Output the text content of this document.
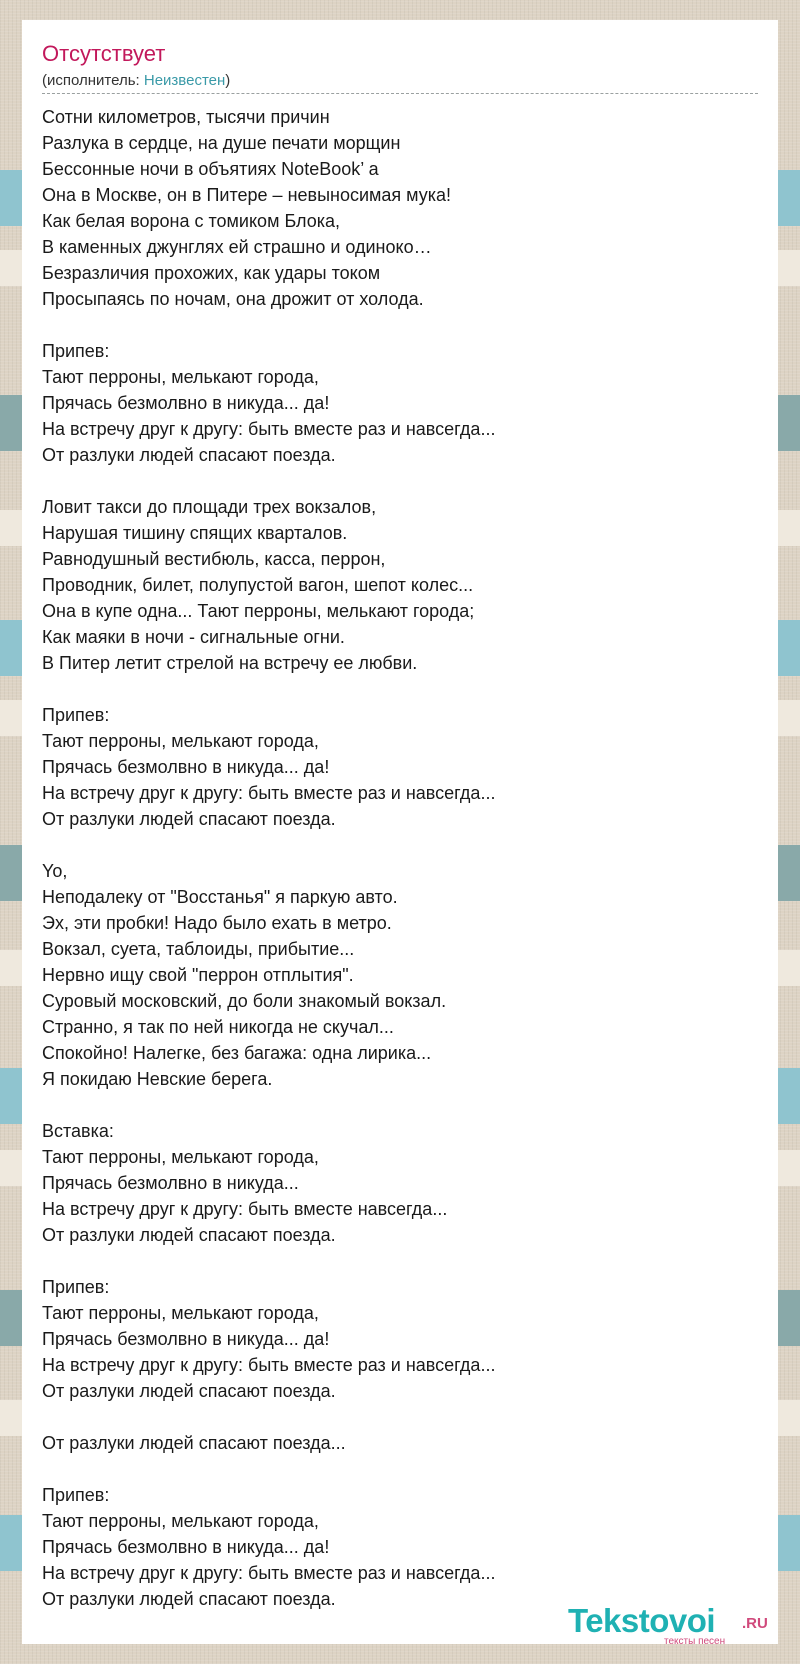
Отсутствует
(исполнитель: Неизвестен)
Сотни километров, тысячи причин
Разлука в сердце, на душе печати морщин
Бессонные ночи в объятиях NoteBook’ а
Она в Москве, он в Питере – невыносимая мука!
Как белая ворона с томиком Блока,
В каменных джунглях ей страшно и одиноко…
Безразличия прохожих, как удары током
Просыпаясь по ночам, она дрожит от холода.
Припев:
Тают перроны, мелькают города,
Прячась безмолвно в никуда... да!
На встречу друг к другу: быть вместе раз и навсегда...
От разлуки людей спасают поезда.
Ловит такси до площади трех вокзалов,
Нарушая тишину спящих кварталов.
Равнодушный вестибюль, касса, перрон,
Проводник, билет, полупустой вагон, шепот колес...
Она в купе одна... Тают перроны, мелькают города;
Как маяки в ночи - сигнальные огни.
В Питер летит стрелой на встречу ее любви.
Припев:
Тают перроны, мелькают города,
Прячась безмолвно в никуда... да!
На встречу друг к другу: быть вместе раз и навсегда...
От разлуки людей спасают поезда.
Yo,
Неподалеку от "Восстанья" я паркую авто.
Эх, эти пробки! Надо было ехать в метро.
Вокзал, суета, таблоиды, прибытие...
Нервно ищу свой "перрон отплытия".
Суровый московский, до боли знакомый вокзал.
Странно, я так по ней никогда не скучал...
Спокойно! Налегке, без багажа: одна лирика...
Я покидаю Невские берега.
Вставка:
Тают перроны, мелькают города,
Прячась безмолвно в никуда...
На встречу друг к другу: быть вместе навсегда...
От разлуки людей спасают поезда.
Припев:
Тают перроны, мелькают города,
Прячась безмолвно в никуда... да!
На встречу друг к другу: быть вместе раз и навсегда...
От разлуки людей спасают поезда.
От разлуки людей спасают поезда...
Припев:
Тают перроны, мелькают города,
Прячась безмолвно в никуда... да!
На встречу друг к другу: быть вместе раз и навсегда...
От разлуки людей спасают поезда.
Tekstovoi .RU
тексты песен
